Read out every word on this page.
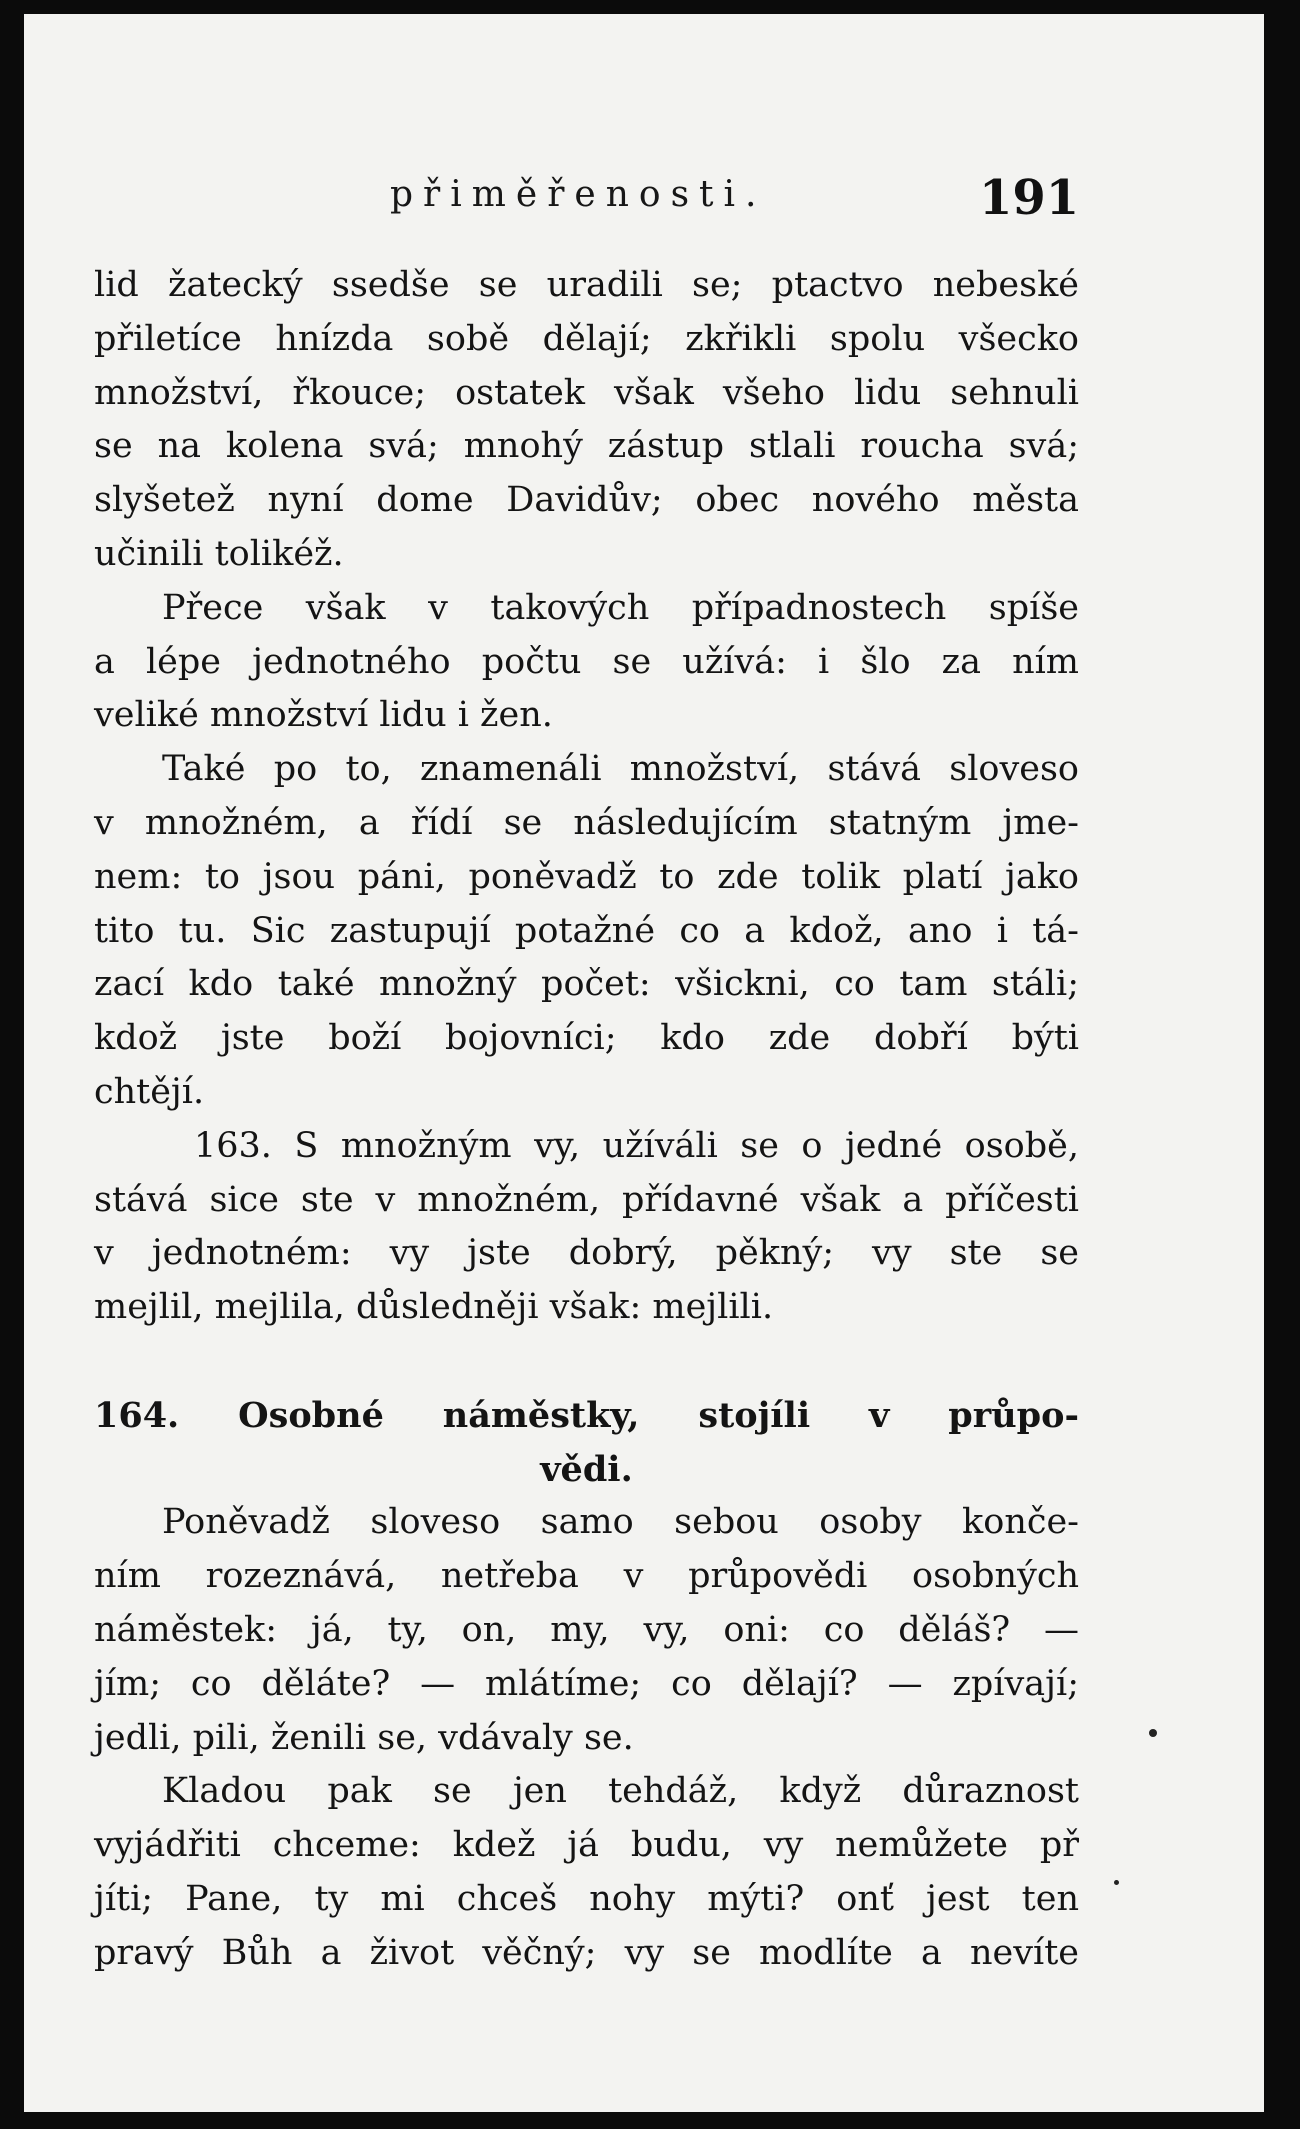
přiměřenosti.	191
lid žatecký ssedše se uradili se; ptactvo nebeské
přiletíce hnízda sobě dělají; zkřikli spolu všecko
množství, řkouce; ostatek však všeho lidu sehnuli
se na kolena svá; mnohý zástup stlali roucha svá;
slyšetež nyní dome Davidův; obec nového města
učinili tolikéž.
Přece však v takových případnostech spíše
a lépe jednotného počtu se užívá: i šlo za ním
veliké množství lidu i žen.
Také po to, znamenáli množství, stává sloveso
v množném, a řídí se následujícím statným jme-
nem: to jsou páni, poněvadž to zde tolik platí jako
tito tu. Sic zastupují potažné co a kdož, ano i tá-
zací kdo také množný počet: všickni, co tam stáli;
kdož jste boží bojovníci; kdo zde dobří býti
chtějí.
163. S množným vy, užíváli se o jedné osobě,
stává sice ste v množném, přídavné však a příčesti
v jednotném: vy jste dobrý, pěkný; vy ste se
mejlil, mejlila, důsledněji však: mejlili.
164. Osobné náměstky, stojíli v průpo-
vědi.
Poněvadž sloveso samo sebou osoby konče-
ním rozeznává, netřeba v průpovědi osobných
náměstek: já, ty, on, my, vy, oni: co děláš? —
jím; co děláte? — mlátíme; co dělají? — zpívají;
jedli, pili, ženili se, vdávaly se.
Kladou pak se jen tehdáž, když důraznost
vyjádřiti chceme: kdež já budu, vy nemůžete př
jíti; Pane, ty mi chceš nohy mýti? onť jest ten
pravý Bůh a život věčný; vy se modlíte a nevíte
